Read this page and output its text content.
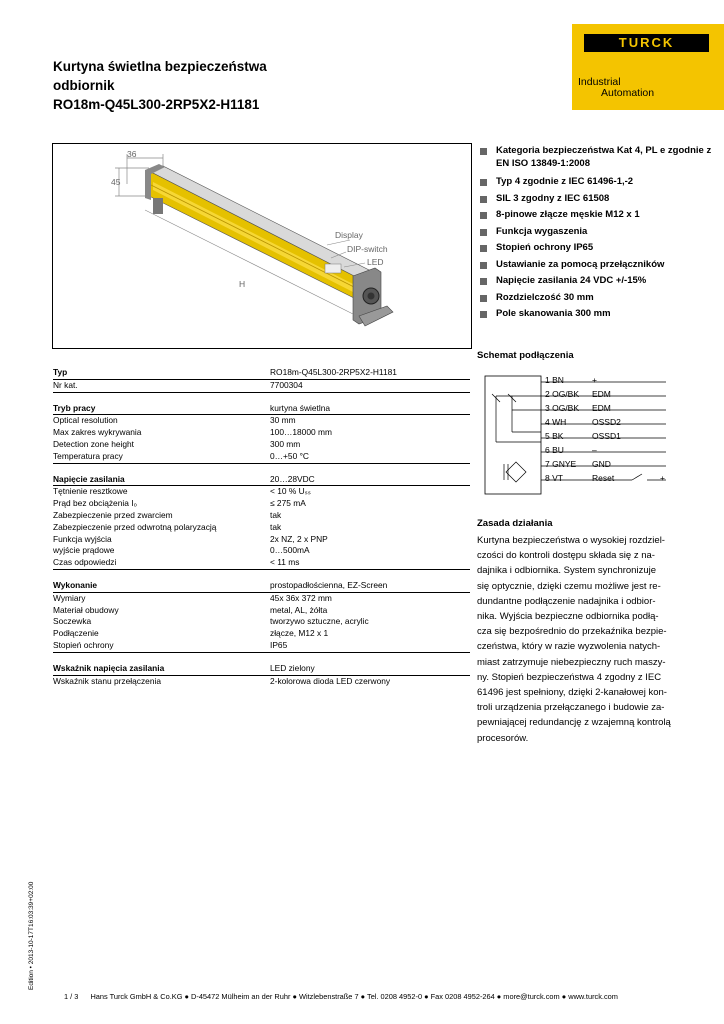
Kurtyna świetlna bezpieczeństwa
odbiornik
RO18m-Q45L300-2RP5X2-H1181
TURCK
Industrial
Automation
36
45
Display
DIP-switch
LED
H
Kategoria bezpieczeństwa Kat 4, PL e zgodnie z EN ISO 13849-1:2008
Typ 4 zgodnie z IEC 61496-1,-2
SIL 3 zgodny z IEC 61508
8-pinowe złącze męskie M12 x 1
Funkcja wygaszenia
Stopień ochrony IP65
Ustawianie za pomocą przełączników
Napięcie zasilania 24 VDC +/-15%
Rozdzielczość 30 mm
Pole skanowania 300 mm
Schemat podłączenia
1 BN	+
2 OG/BK EDM
3 OG/BK EDM
4 WH	OSSD2
5 BK	OSSD1
6 BU	–
7 GNYE GND
8 VT	Reset	+
Typ	RO18m-Q45L300-2RP5X2-H1181
Nr kat.	7700304
Tryb pracy	kurtyna świetlna
Optical resolution	30 mm
Max zakres wykrywania	100…18000 mm
Detection zone height	300 mm
Temperatura pracy	0…+50 °C
Napięcie zasilania	20…28VDC
Tętnienie resztkowe	< 10 % Uₛₛ
Prąd bez obciążenia I₀	≤ 275 mA
Zabezpieczenie przed zwarciem	tak
Zabezpieczenie przed odwrotną polaryzacją	tak
Funkcja wyjścia	2x NZ, 2 x PNP
wyjście prądowe	0…500mA
Czas odpowiedzi	< 11 ms
Wykonanie	prostopadłościenna, EZ-Screen
Wymiary	45x 36x 372 mm
Materiał obudowy	metal, AL, żółta
Soczewka	tworzywo sztuczne, acrylic
Podłączenie	złącze, M12 x 1
Stopień ochrony	IP65
Wskaźnik napięcia zasilania	LED zielony
Wskaźnik stanu przełączenia	2-kolorowa dioda LED czerwony
Zasada działania
Kurtyna bezpieczeństwa o wysokiej rozdziel-
czości do kontroli dostępu składa się z na-
dajnika i odbiornika. System synchronizuje
się optycznie, dzięki czemu możliwe jest re-
dundantne podłączenie nadajnika i odbior-
nika. Wyjścia bezpieczne odbiornika podłą-
cza się bezpośrednio do przekaźnika bezpie-
czeństwa, który w razie wyzwolenia natych-
miast zatrzymuje niebezpieczny ruch maszy-
ny. Stopień bezpieczeństwa 4 zgodny z IEC
61496 jest spełniony, dzięki 2-kanałowej kon-
troli urządzenia przełączanego i budowie za-
pewniającej redundancję z wzajemną kontrolą
procesorów.
Edition • 2013-10-17T16:03:39+02:00
1 / 3 Hans Turck GmbH & Co.KG ● D-45472 Mülheim an der Ruhr ● Witzlebenstraße 7 ● Tel. 0208 4952-0 ● Fax 0208 4952-264 ● more@turck.com ● www.turck.com
